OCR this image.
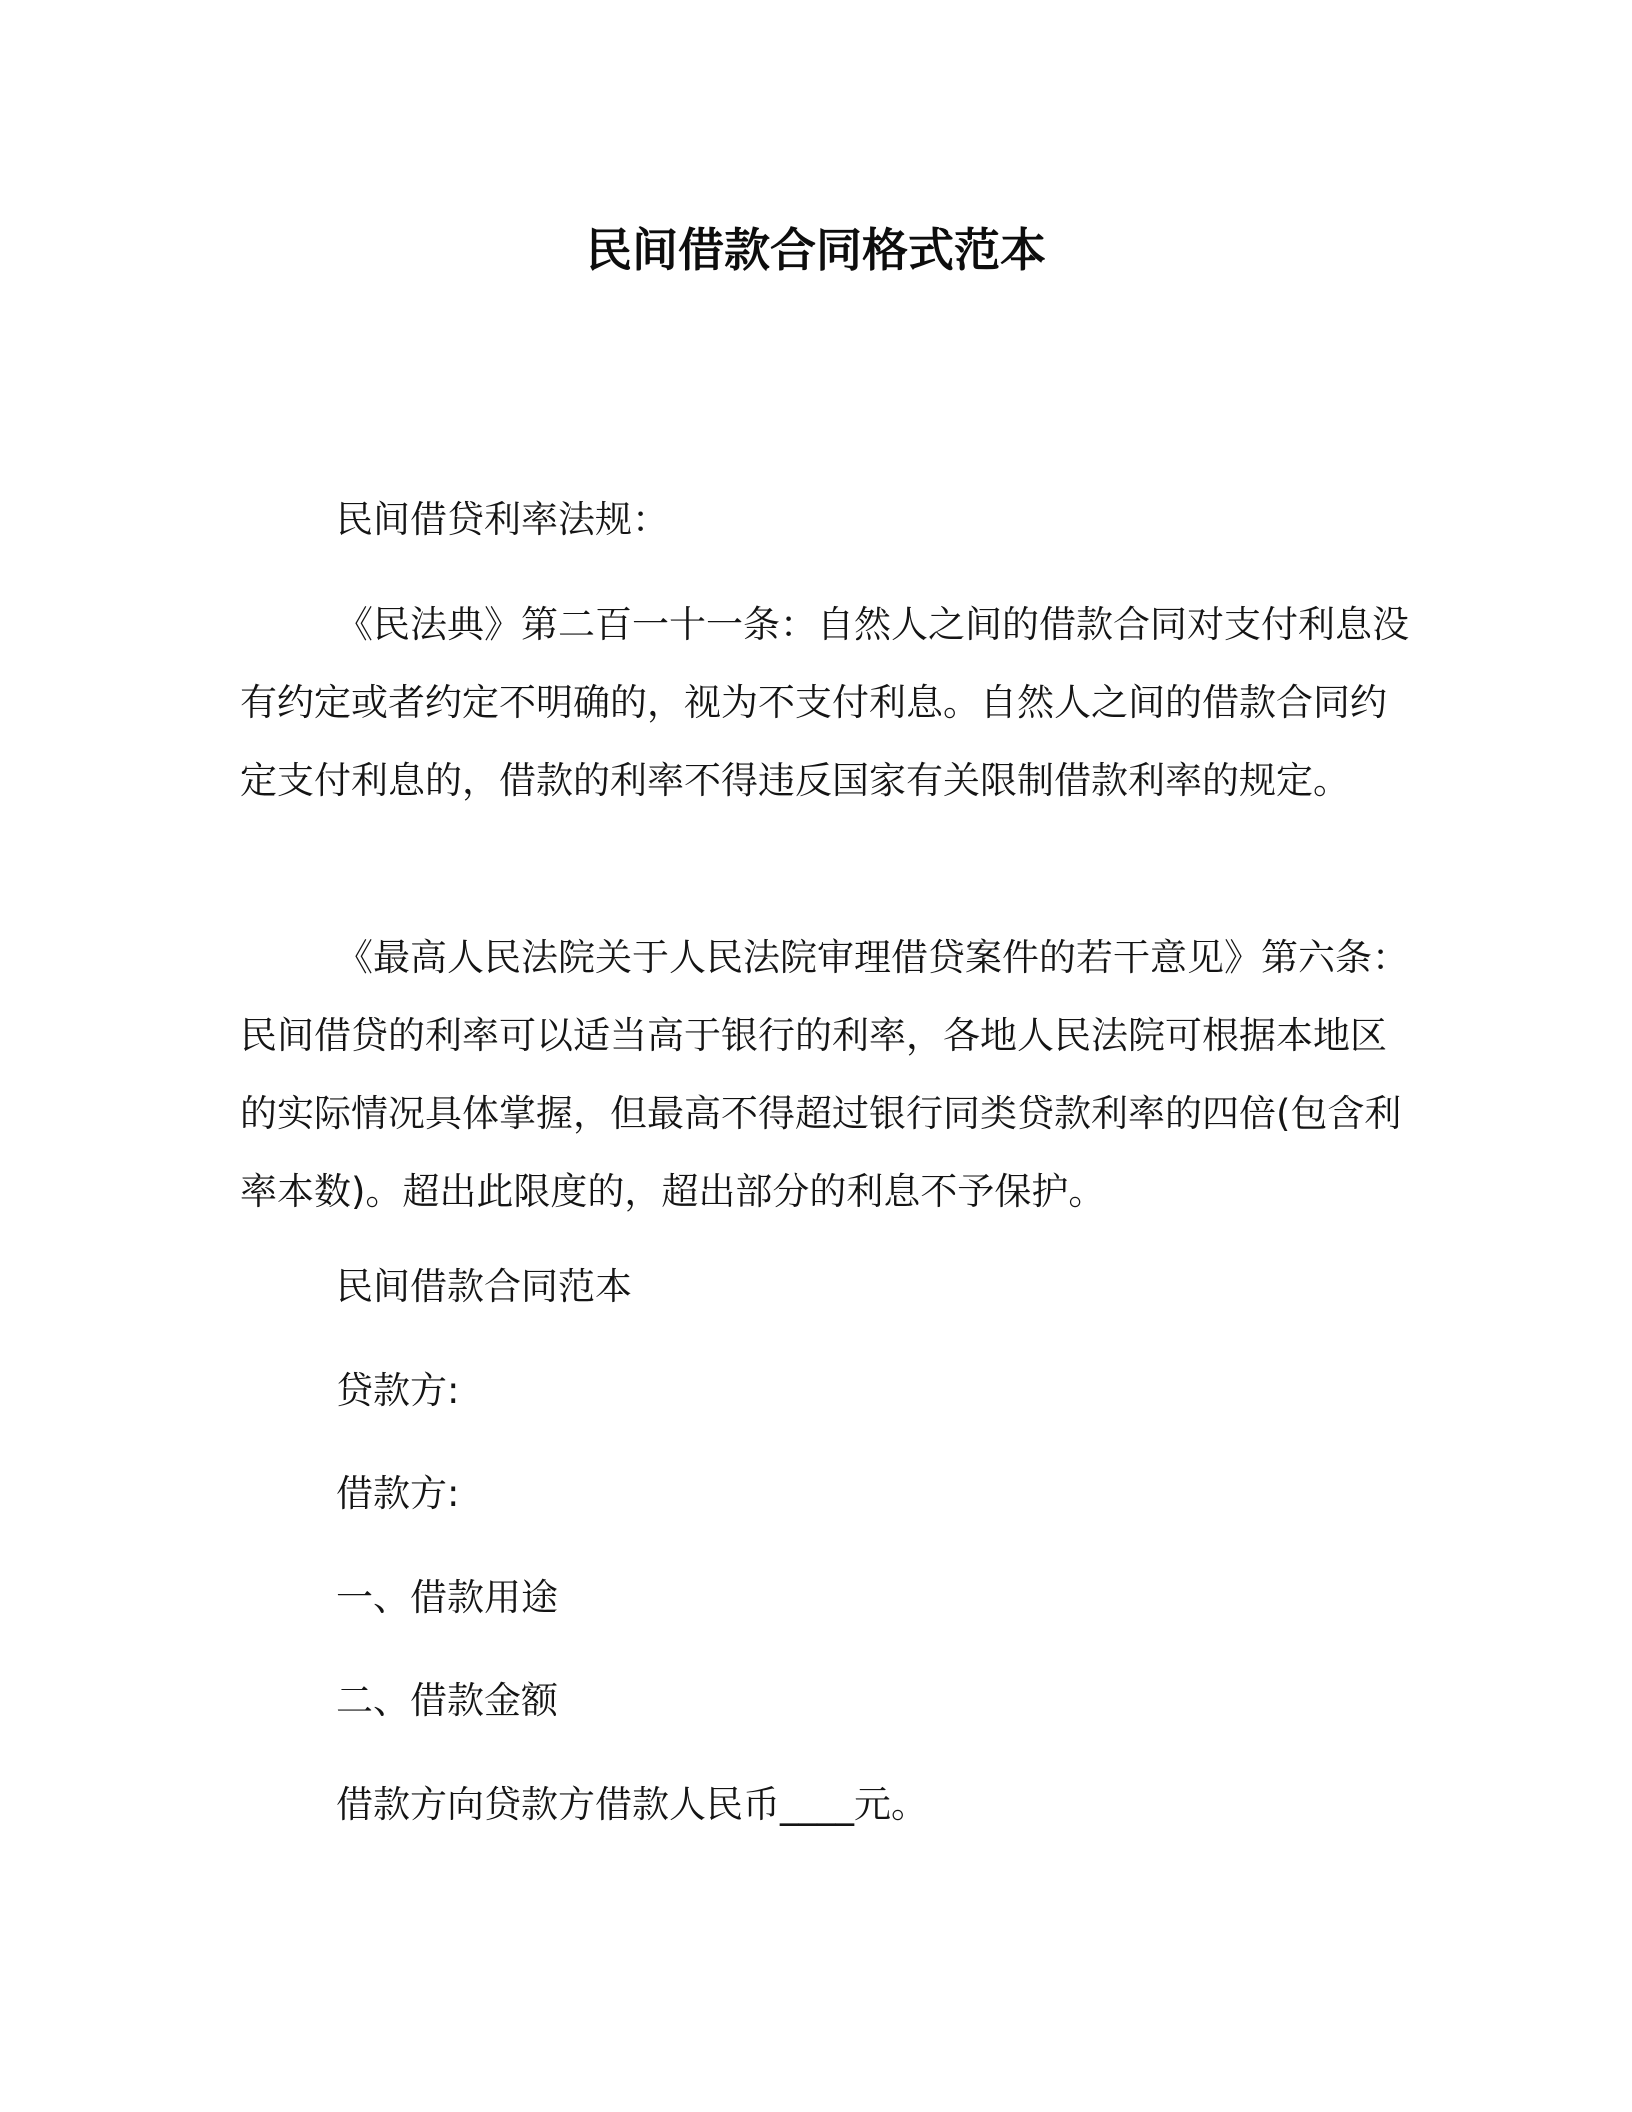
民间借款合同格式范本
民间借贷利率法规：

《民法典》第二百一十一条：自然人之间的借款合同对支付利息没有约定或者约定不明确的，视为不支付利息。自然人之间的借款合同约定支付利息的，借款的利率不得违反国家有关限制借款利率的规定。

《最高人民法院关于人民法院审理借贷案件的若干意见》第六条：民间借贷的利率可以适当高于银行的利率，各地人民法院可根据本地区的实际情况具体掌握，但最高不得超过银行同类贷款利率的四倍(包含利率本数)。超出此限度的，超出部分的利息不予保护。

民间借款合同范本
贷款方:
借款方:
一、借款用途
二、借款金额
借款方向贷款方借款人民币____元。
